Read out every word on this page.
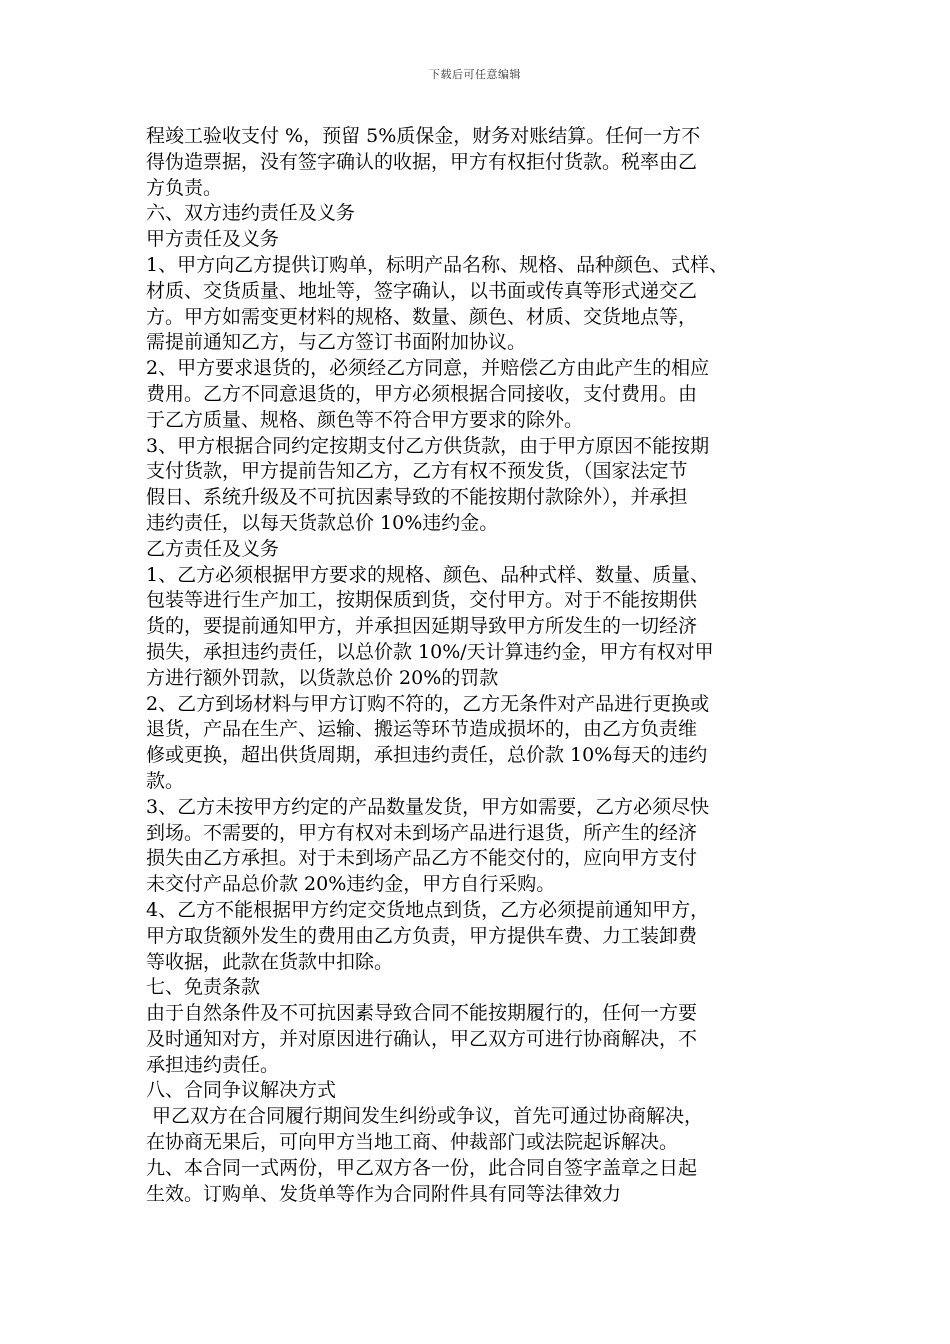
下载后可任意编辑

程竣工验收支付 %，预留 5%质保金，财务对账结算。任何一方不

得伪造票据，没有签字确认的收据，甲方有权拒付货款。税率由乙

方负责。

六、双方违约责任及义务

甲方责任及义务

1、甲方向乙方提供订购单，标明产品名称、规格、品种颜色、式样、

材质、交货质量、地址等，签字确认，以书面或传真等形式递交乙

方。甲方如需变更材料的规格、数量、颜色、材质、交货地点等，

需提前通知乙方，与乙方签订书面附加协议。

2、甲方要求退货的，必须经乙方同意，并赔偿乙方由此产生的相应

费用。乙方不同意退货的，甲方必须根据合同接收，支付费用。由

于乙方质量、规格、颜色等不符合甲方要求的除外。

3、甲方根据合同约定按期支付乙方供货款，由于甲方原因不能按期

支付货款，甲方提前告知乙方，乙方有权不预发货，（国家法定节

假日、系统升级及不可抗因素导致的不能按期付款除外），并承担

违约责任，以每天货款总价 10%违约金。

乙方责任及义务

1、乙方必须根据甲方要求的规格、颜色、品种式样、数量、质量、

包装等进行生产加工，按期保质到货，交付甲方。对于不能按期供

货的，要提前通知甲方，并承担因延期导致甲方所发生的一切经济

损失，承担违约责任，以总价款 10%/天计算违约金，甲方有权对甲

方进行额外罚款，以货款总价 20%的罚款

2、乙方到场材料与甲方订购不符的，乙方无条件对产品进行更换或

退货，产品在生产、运输、搬运等环节造成损坏的，由乙方负责维

修或更换，超出供货周期，承担违约责任，总价款 10%每天的违约

款。

3、乙方未按甲方约定的产品数量发货，甲方如需要，乙方必须尽快

到场。不需要的，甲方有权对未到场产品进行退货，所产生的经济

损失由乙方承担。对于未到场产品乙方不能交付的，应向甲方支付

未交付产品总价款 20%违约金，甲方自行采购。

4、乙方不能根据甲方约定交货地点到货，乙方必须提前通知甲方，

甲方取货额外发生的费用由乙方负责，甲方提供车费、力工装卸费

等收据，此款在货款中扣除。

七、免责条款

由于自然条件及不可抗因素导致合同不能按期履行的，任何一方要

及时通知对方，并对原因进行确认，甲乙双方可进行协商解决，不

承担违约责任。

八、合同争议解决方式

甲乙双方在合同履行期间发生纠纷或争议，首先可通过协商解决，

在协商无果后，可向甲方当地工商、仲裁部门或法院起诉解决。

九、本合同一式两份，甲乙双方各一份，此合同自签字盖章之日起

生效。订购单、发货单等作为合同附件具有同等法律效力
